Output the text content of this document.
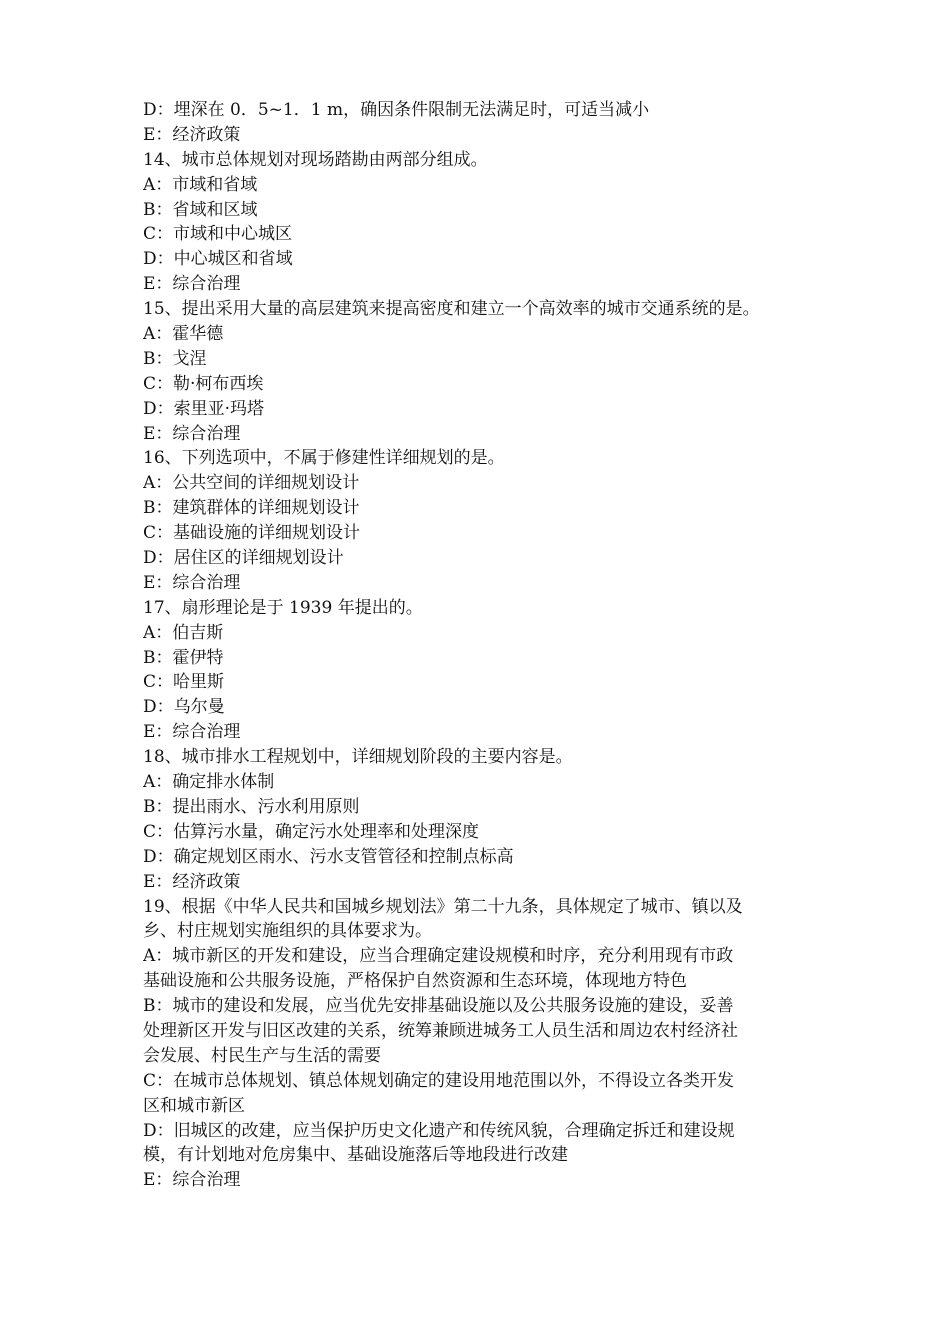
D：埋深在 0．5~1．1 m，确因条件限制无法满足时，可适当减小
E：经济政策
14、城市总体规划对现场踏勘由两部分组成。
A：市域和省域
B：省域和区域
C：市域和中心城区
D：中心城区和省域
E：综合治理
15、提出采用大量的高层建筑来提高密度和建立一个高效率的城市交通系统的是。
A：霍华德
B：戈涅
C：勒·柯布西埃
D：索里亚·玛塔
E：综合治理
16、下列选项中，不属于修建性详细规划的是。
A：公共空间的详细规划设计
B：建筑群体的详细规划设计
C：基础设施的详细规划设计
D：居住区的详细规划设计
E：综合治理
17、扇形理论是于 1939 年提出的。
A：伯吉斯
B：霍伊特
C：哈里斯
D：乌尔曼
E：综合治理
18、城市排水工程规划中，详细规划阶段的主要内容是。
A：确定排水体制
B：提出雨水、污水利用原则
C：估算污水量，确定污水处理率和处理深度
D：确定规划区雨水、污水支管管径和控制点标高
E：经济政策
19、根据《中华人民共和国城乡规划法》第二十九条，具体规定了城市、镇以及
乡、村庄规划实施组织的具体要求为。
A：城市新区的开发和建设，应当合理确定建设规模和时序，充分利用现有市政
基础设施和公共服务设施，严格保护自然资源和生态环境，体现地方特色
B：城市的建设和发展，应当优先安排基础设施以及公共服务设施的建设，妥善
处理新区开发与旧区改建的关系，统筹兼顾进城务工人员生活和周边农村经济社
会发展、村民生产与生活的需要
C：在城市总体规划、镇总体规划确定的建设用地范围以外，不得设立各类开发
区和城市新区
D：旧城区的改建，应当保护历史文化遗产和传统风貌，合理确定拆迁和建设规
模，有计划地对危房集中、基础设施落后等地段进行改建
E：综合治理
